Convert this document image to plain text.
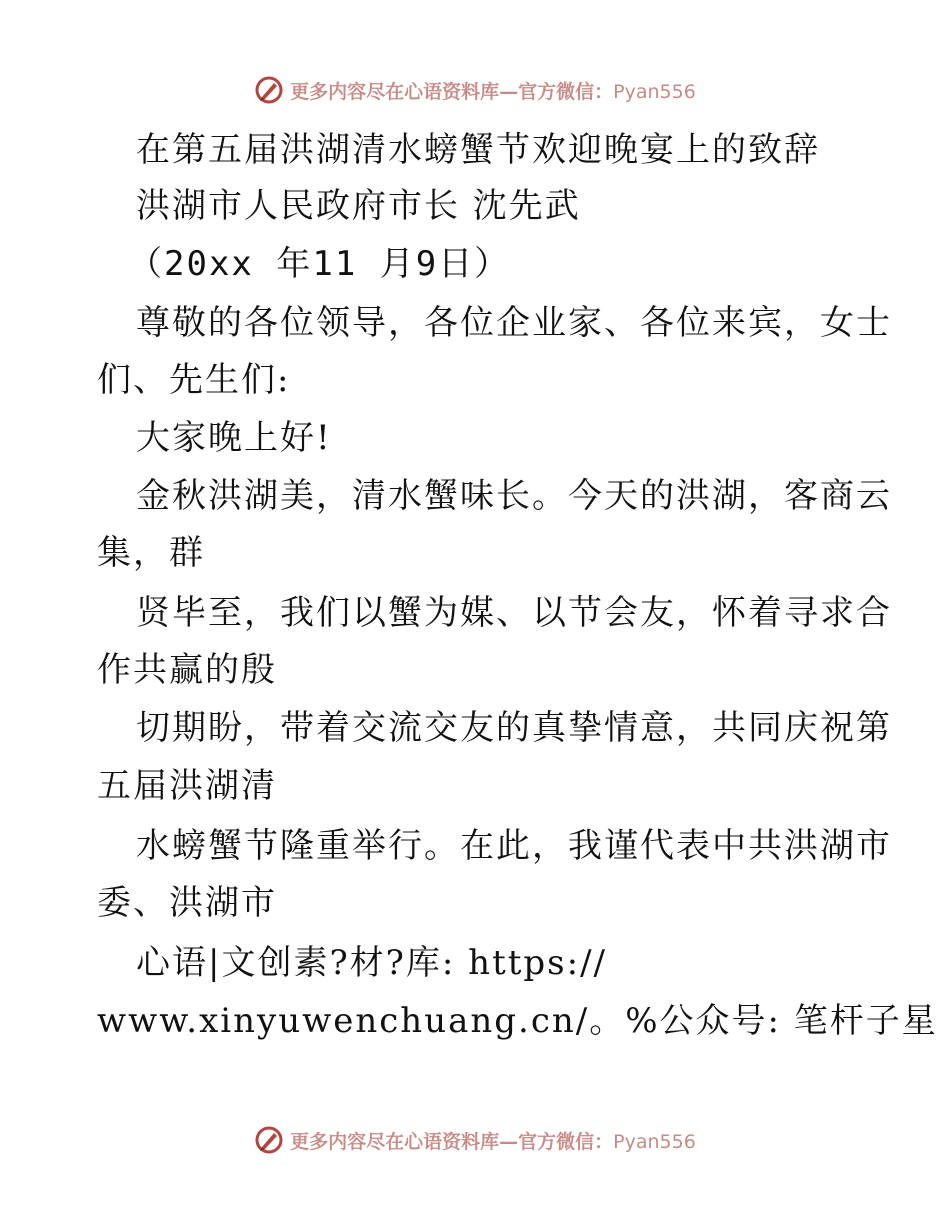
更多内容尽在心语资料库—官方微信：Pyan556
在第五届洪湖清水螃蟹节欢迎晚宴上的致辞
洪湖市人民政府市长 沈先武
（20xx 年11 月9日）
尊敬的各位领导，各位企业家、各位来宾，女士
们、先生们:
大家晚上好!
金秋洪湖美，清水蟹味长。今天的洪湖，客商云
集，群
贤毕至，我们以蟹为媒、以节会友，怀着寻求合
作共赢的殷
切期盼，带着交流交友的真挚情意，共同庆祝第
五届洪湖清
水螃蟹节隆重举行。在此，我谨代表中共洪湖市
委、洪湖市
心语|文创素?材?库: https://
www.xinyuwenchuang.cn/。%公众号: 笔杆子星
更多内容尽在心语资料库—官方微信：Pyan556
